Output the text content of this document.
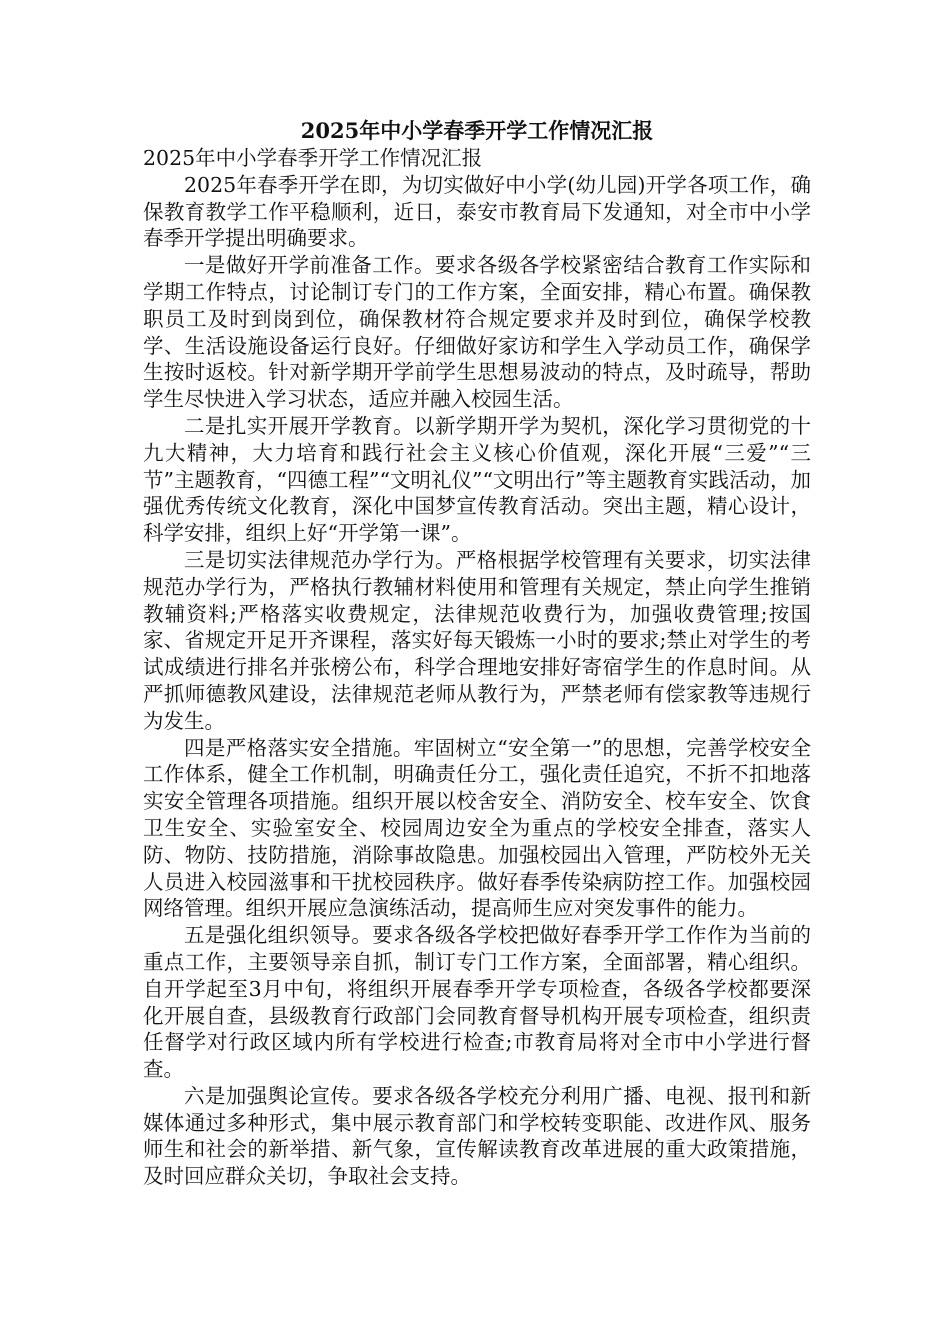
2025年中小学春季开学工作情况汇报
2025年中小学春季开学工作情况汇报

2025年春季开学在即，为切实做好中小学(幼儿园)开学各项工作，确保教育教学工作平稳顺利，近日，泰安市教育局下发通知，对全市中小学春季开学提出明确要求。

一是做好开学前准备工作。要求各级各学校紧密结合教育工作实际和学期工作特点，讨论制订专门的工作方案，全面安排，精心布置。确保教职员工及时到岗到位，确保教材符合规定要求并及时到位，确保学校教学、生活设施设备运行良好。仔细做好家访和学生入学动员工作，确保学生按时返校。针对新学期开学前学生思想易波动的特点，及时疏导，帮助学生尽快进入学习状态，适应并融入校园生活。

二是扎实开展开学教育。以新学期开学为契机，深化学习贯彻党的十九大精神，大力培育和践行社会主义核心价值观，深化开展“三爱”“三节”主题教育，“四德工程”“文明礼仪”“文明出行”等主题教育实践活动，加强优秀传统文化教育，深化中国梦宣传教育活动。突出主题，精心设计，科学安排，组织上好“开学第一课”。

三是切实法律规范办学行为。严格根据学校管理有关要求，切实法律规范办学行为，严格执行教辅材料使用和管理有关规定，禁止向学生推销教辅资料;严格落实收费规定，法律规范收费行为，加强收费管理;按国家、省规定开足开齐课程，落实好每天锻炼一小时的要求;禁止对学生的考试成绩进行排名并张榜公布，科学合理地安排好寄宿学生的作息时间。从严抓师德教风建设，法律规范老师从教行为，严禁老师有偿家教等违规行为发生。

四是严格落实安全措施。牢固树立“安全第一”的思想，完善学校安全工作体系，健全工作机制，明确责任分工，强化责任追究，不折不扣地落实安全管理各项措施。组织开展以校舍安全、消防安全、校车安全、饮食卫生安全、实验室安全、校园周边安全为重点的学校安全排查，落实人防、物防、技防措施，消除事故隐患。加强校园出入管理，严防校外无关人员进入校园滋事和干扰校园秩序。做好春季传染病防控工作。加强校园网络管理。组织开展应急演练活动，提高师生应对突发事件的能力。

五是强化组织领导。要求各级各学校把做好春季开学工作作为当前的重点工作，主要领导亲自抓，制订专门工作方案，全面部署，精心组织。自开学起至3月中旬，将组织开展春季开学专项检查，各级各学校都要深化开展自查，县级教育行政部门会同教育督导机构开展专项检查，组织责任督学对行政区域内所有学校进行检查;市教育局将对全市中小学进行督查。

六是加强舆论宣传。要求各级各学校充分利用广播、电视、报刊和新媒体通过多种形式，集中展示教育部门和学校转变职能、改进作风、服务师生和社会的新举措、新气象，宣传解读教育改革进展的重大政策措施，及时回应群众关切，争取社会支持。
